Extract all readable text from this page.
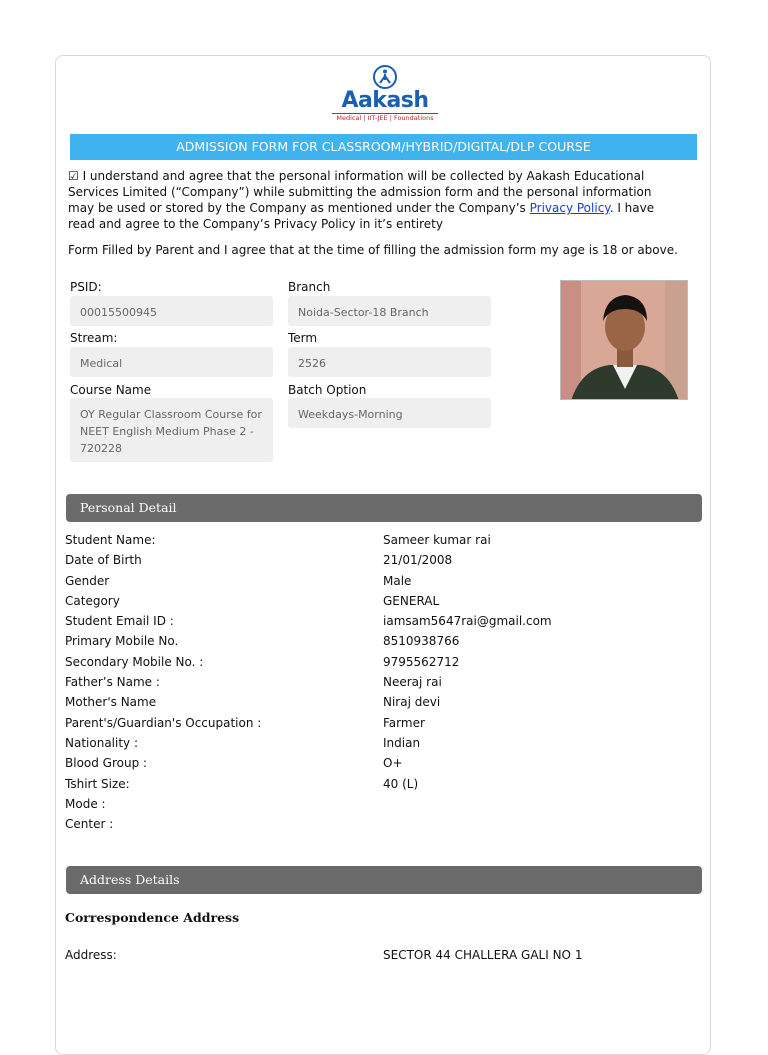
Aakash
Medical | IIT-JEE | Foundations
ADMISSION FORM FOR CLASSROOM/HYBRID/DIGITAL/DLP COURSE
☑ I understand and agree that the personal information will be collected by Aakash Educational Services Limited (“Company”) while submitting the admission form and the personal information may be used or stored by the Company as mentioned under the Company’s Privacy Policy. I have read and agree to the Company’s Privacy Policy in it’s entirety
Form Filled by Parent and I agree that at the time of filling the admission form my age is 18 or above.
PSID:
00015500945
Branch
Noida-Sector-18 Branch
Stream:
Medical
Term
2526
Course Name
OY Regular Classroom Course for NEET English Medium Phase 2 - 720228
Batch Option
Weekdays-Morning
Personal Detail
Student Name:	Sameer kumar rai
Date of Birth	21/01/2008
Gender	Male
Category	GENERAL
Student Email ID :	iamsam5647rai@gmail.com
Primary Mobile No.	8510938766
Secondary Mobile No. :	9795562712
Father’s Name :	Neeraj rai
Mother's Name	Niraj devi
Parent's/Guardian's Occupation :	Farmer
Nationality :	Indian
Blood Group :	O+
Tshirt Size:	40 (L)
Mode :
Center :
Address Details
Correspondence Address
Address:	SECTOR 44 CHALLERA GALI NO 1
